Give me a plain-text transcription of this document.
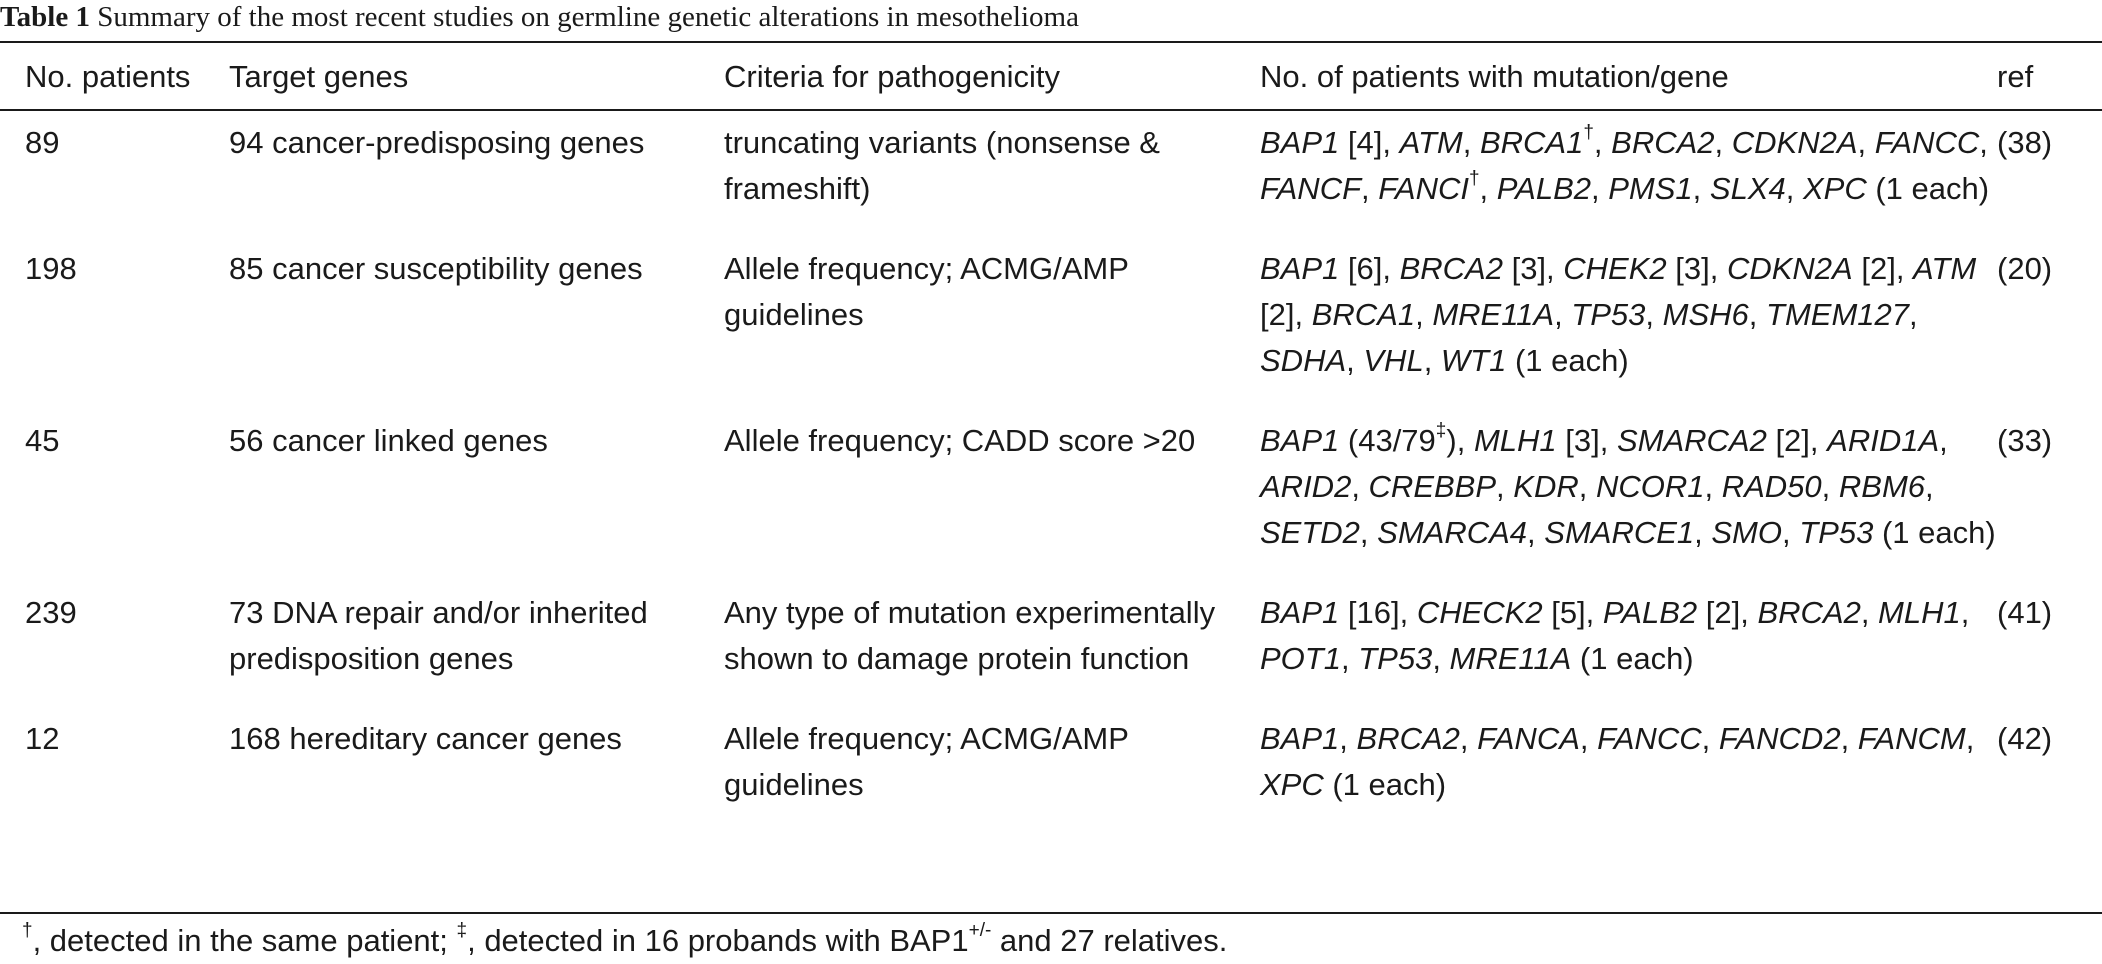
Table 1 Summary of the most recent studies on germline genetic alterations in mesothelioma
No. patients	Target genes	Criteria for pathogenicity	No. of patients with mutation/gene	ref
89	94 cancer-predisposing genes	truncating variants (nonsense & frameshift)	BAP1 [4], ATM, BRCA1†, BRCA2, CDKN2A, FANCC, FANCF, FANCI†, PALB2, PMS1, SLX4, XPC (1 each)	(38)
198	85 cancer susceptibility genes	Allele frequency; ACMG/AMP guidelines	BAP1 [6], BRCA2 [3], CHEK2 [3], CDKN2A [2], ATM [2], BRCA1, MRE11A, TP53, MSH6, TMEM127, SDHA, VHL, WT1 (1 each)	(20)
45	56 cancer linked genes	Allele frequency; CADD score >20	BAP1 (43/79‡), MLH1 [3], SMARCA2 [2], ARID1A, ARID2, CREBBP, KDR, NCOR1, RAD50, RBM6, SETD2, SMARCA4, SMARCE1, SMO, TP53 (1 each)	(33)
239	73 DNA repair and/or inherited predisposition genes	Any type of mutation experimentally shown to damage protein function	BAP1 [16], CHECK2 [5], PALB2 [2], BRCA2, MLH1, POT1, TP53, MRE11A (1 each)	(41)
12	168 hereditary cancer genes	Allele frequency; ACMG/AMP guidelines	BAP1, BRCA2, FANCA, FANCC, FANCD2, FANCM, XPC (1 each)	(42)
†, detected in the same patient; ‡, detected in 16 probands with BAP1+/- and 27 relatives.
